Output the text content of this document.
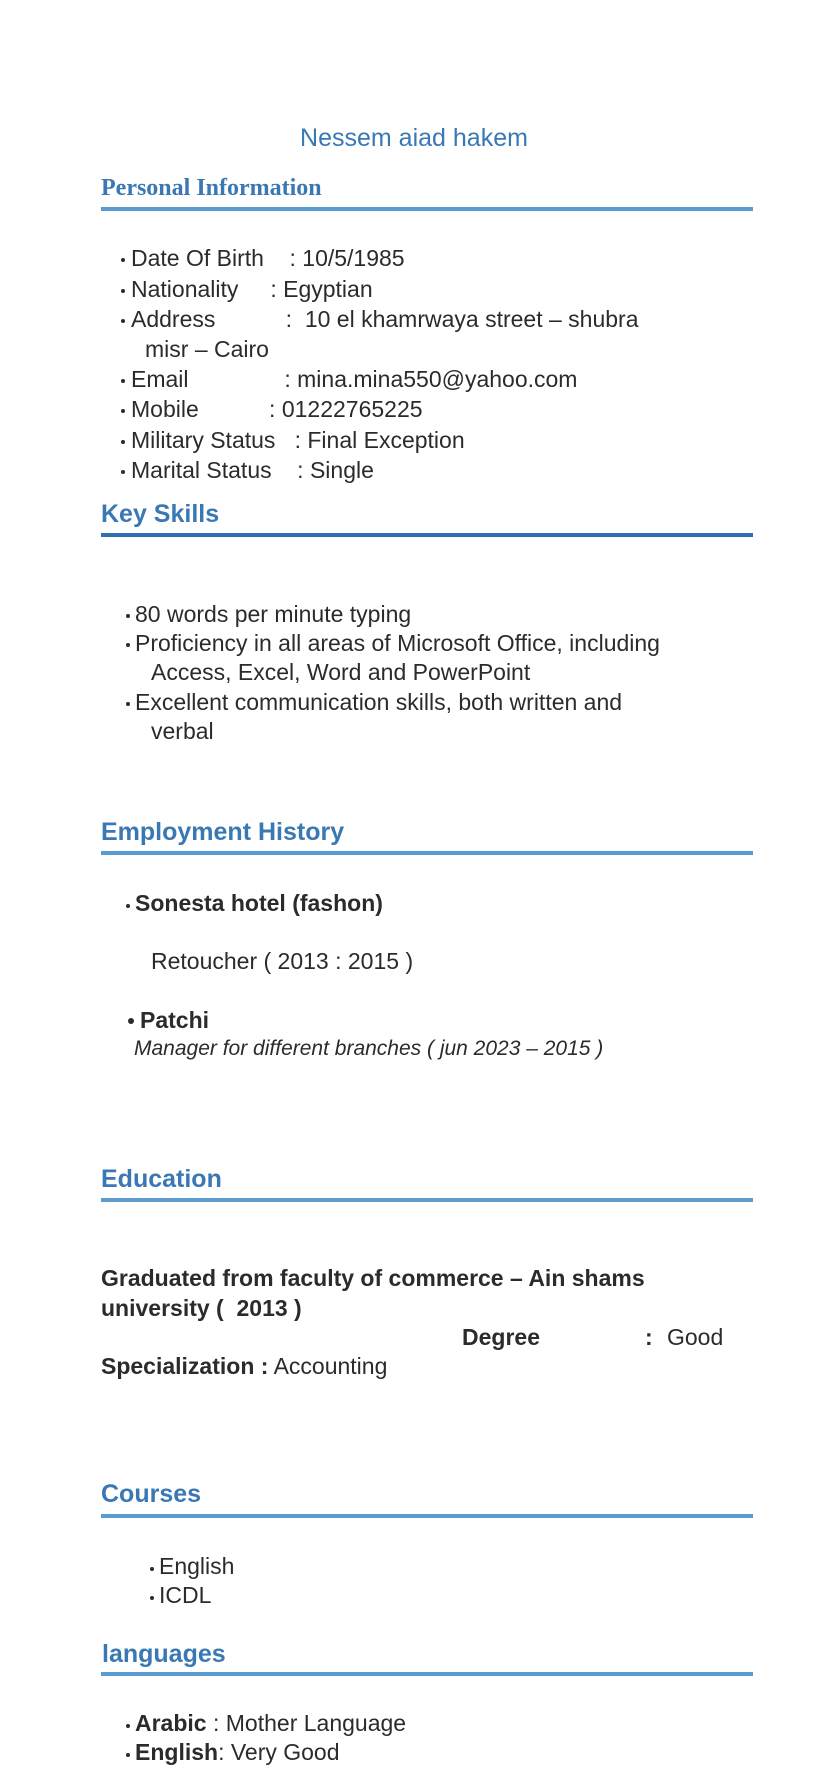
Nessem aiad hakem
Personal Information
Date Of Birth    : 10/5/1985
Nationality     : Egyptian
Address           :  10 el khamrwaya street – shubra
misr – Cairo
Email               : mina.mina550@yahoo.com
Mobile           : 01222765225
Military Status   : Final Exception
Marital Status    : Single
Key Skills
80 words per minute typing
Proficiency in all areas of Microsoft Office, including
Access, Excel, Word and PowerPoint
Excellent communication skills, both written and
verbal
Employment History
Sonesta hotel (fashon)
Retoucher ( 2013 : 2015 )
Patchi
Manager for different branches ( jun 2023 – 2015 )
Education
Graduated from faculty of commerce – Ain shams
university (  2013 )
Degree	: Good
Specialization : Accounting
Courses
English
ICDL
languages
Arabic : Mother Language
English: Very Good
